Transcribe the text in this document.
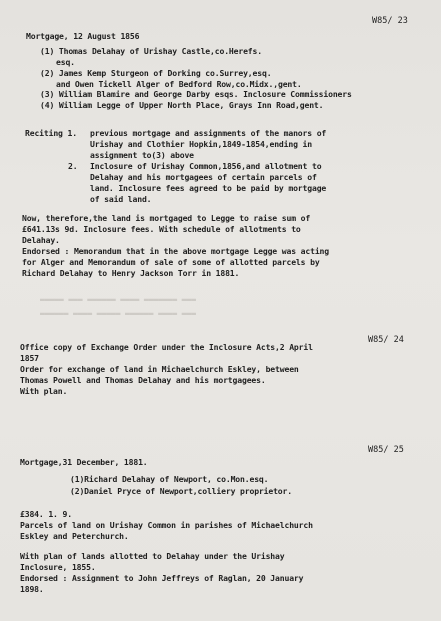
▬▬▬▬▬ ▬▬▬ ▬▬▬▬▬▬ ▬▬▬▬ ▬▬▬▬▬▬▬ ▬▬▬
▬▬▬▬▬▬ ▬▬▬▬ ▬▬▬▬▬ ▬▬▬▬▬▬ ▬▬▬▬ ▬▬▬
W85/ 23
Mortgage, 12 August 1856
(1) Thomas Delahay of Urishay Castle,co.Herefs.
esq.
(2) James Kemp Sturgeon of Dorking co.Surrey,esq.
and Owen Tickell Alger of Bedford Row,co.Midx.,gent.
(3) William Blamire and George Darby esqs. Inclosure Commissioners
(4) William Legge of Upper North Place, Grays Inn Road,gent.
Reciting 1. previous mortgage and assignments of the manors of
Urishay and Clothier Hopkin,1849-1854,ending in
assignment to(3) above
2. Inclosure of Urishay Common,1856,and allotment to
Delahay and his mortgagees of certain parcels of
land. Inclosure fees agreed to be paid by mortgage
of said land.
Now, therefore,the land is mortgaged to Legge to raise sum of
£641.13s 9d. Inclosure fees. With schedule of allotments to
Delahay.
Endorsed : Memorandum that in the above mortgage Legge was acting
for Alger and Memorandum of sale of some of allotted parcels by
Richard Delahay to Henry Jackson Torr in 1881.
W85/ 24
Office copy of Exchange Order under the Inclosure Acts,2 April
1857
Order for exchange of land in Michaelchurch Eskley, between
Thomas Powell and Thomas Delahay and his mortgagees.
With plan.
W85/ 25
Mortgage,31 December, 1881.
(1)Richard Delahay of Newport, co.Mon.esq.
(2)Daniel Pryce of Newport,colliery proprietor.
£384. 1. 9.
Parcels of land on Urishay Common in parishes of Michaelchurch
Eskley and Peterchurch.
With plan of lands allotted to Delahay under the Urishay
Inclosure, 1855.
Endorsed : Assignment to John Jeffreys of Raglan, 20 January
1898.
